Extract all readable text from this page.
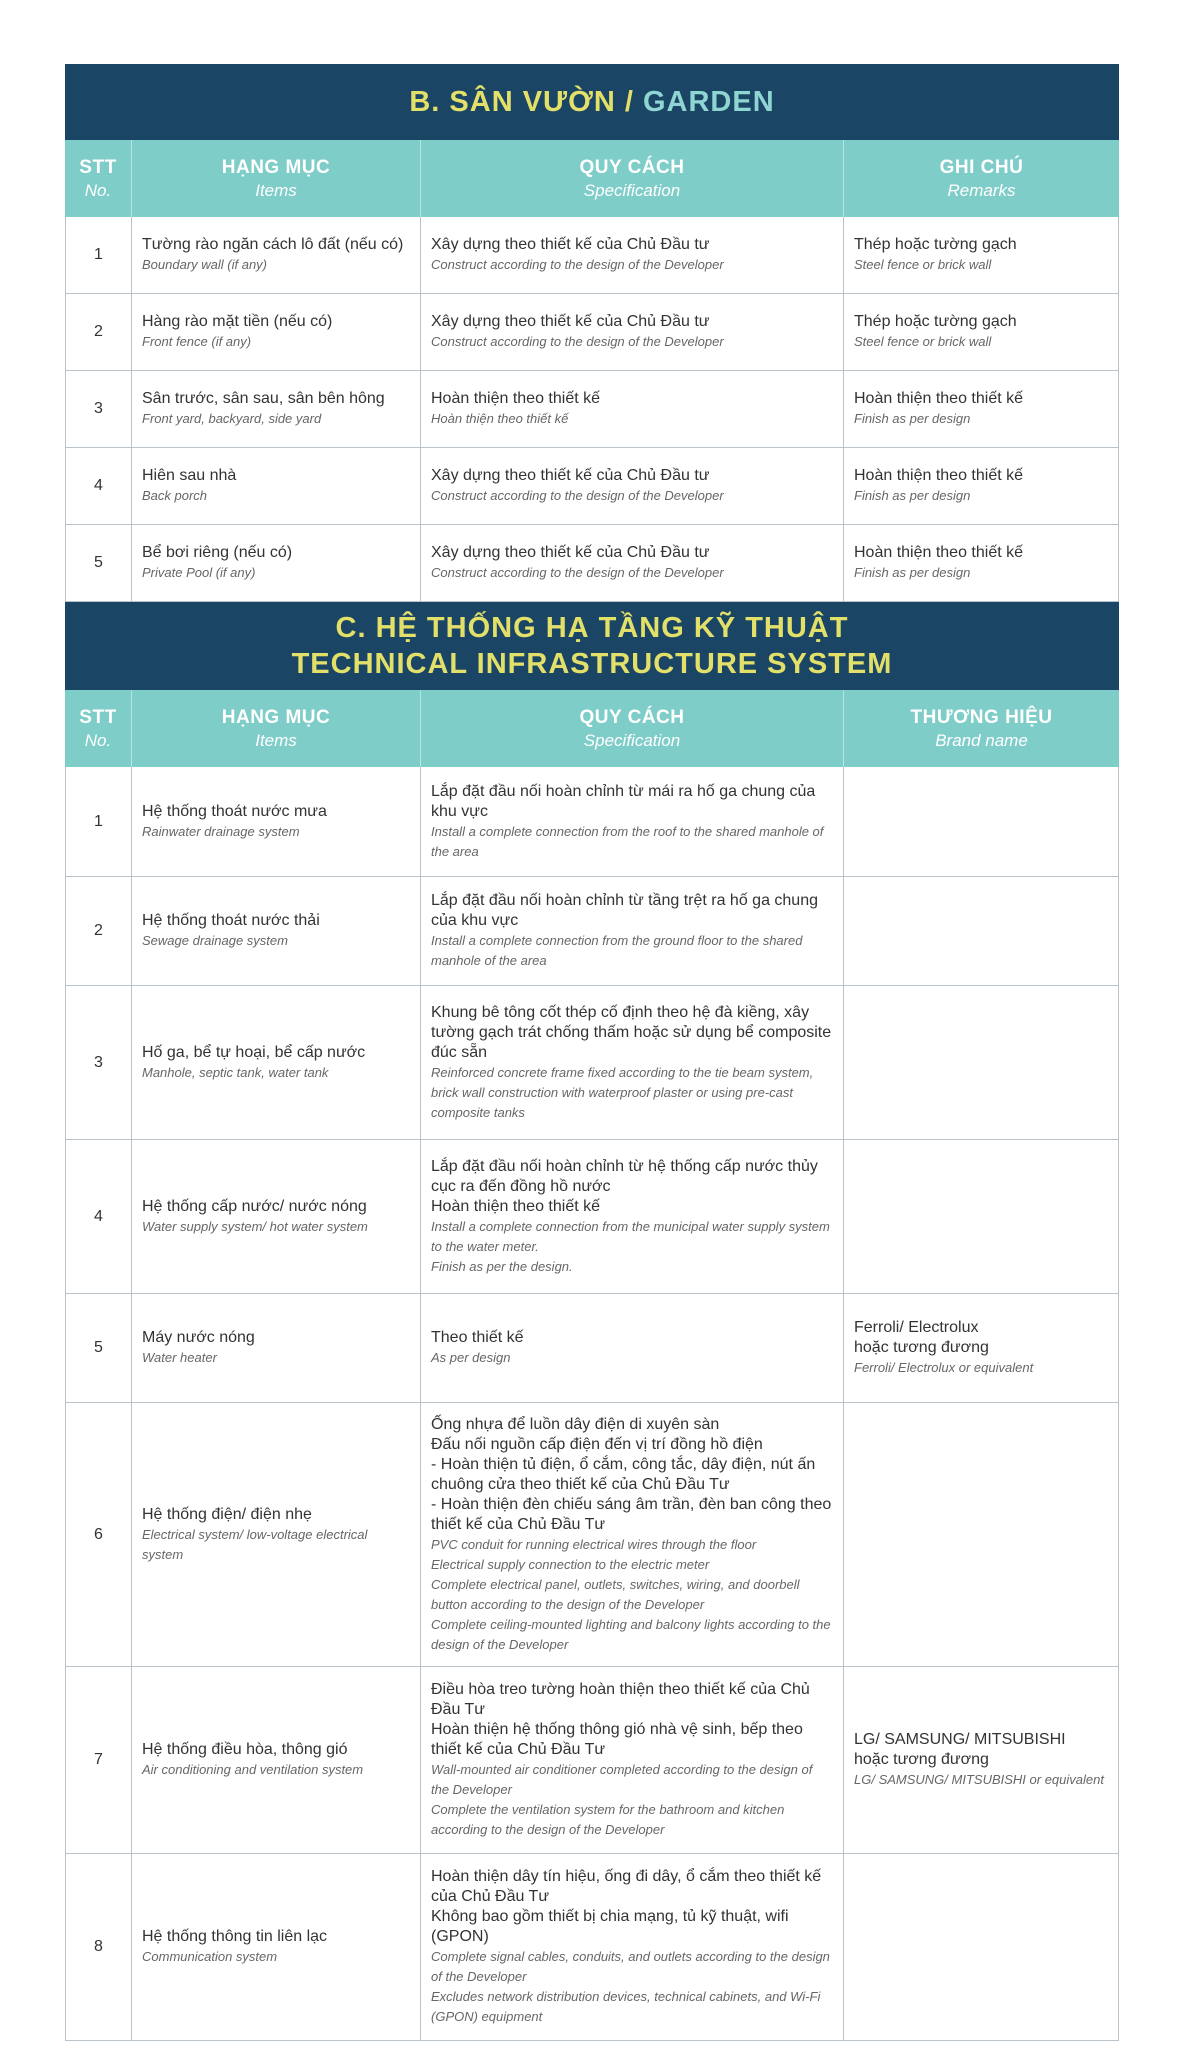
B. SÂN VƯỜN / GARDEN
STT
No.
HẠNG MỤC
Items
QUY CÁCH
Specification
GHI CHÚ
Remarks
1
Tường rào ngăn cách lô đất (nếu có)
Boundary wall (if any)
Xây dựng theo thiết kế của Chủ Đầu tư
Construct according to the design of the Developer
Thép hoặc tường gạch
Steel fence or brick wall
2
Hàng rào mặt tiền (nếu có)
Front fence (if any)
Xây dựng theo thiết kế của Chủ Đầu tư
Construct according to the design of the Developer
Thép hoặc tường gạch
Steel fence or brick wall
3
Sân trước, sân sau, sân bên hông
Front yard, backyard, side yard
Hoàn thiện theo thiết kế
Hoàn thiện theo thiết kế
Hoàn thiện theo thiết kế
Finish as per design
4
Hiên sau nhà
Back porch
Xây dựng theo thiết kế của Chủ Đầu tư
Construct according to the design of the Developer
Hoàn thiện theo thiết kế
Finish as per design
5
Bể bơi riêng (nếu có)
Private Pool (if any)
Xây dựng theo thiết kế của Chủ Đầu tư
Construct according to the design of the Developer
Hoàn thiện theo thiết kế
Finish as per design
C. HỆ THỐNG HẠ TẦNG KỸ THUẬT
TECHNICAL INFRASTRUCTURE SYSTEM
STT
No.
HẠNG MỤC
Items
QUY CÁCH
Specification
THƯƠNG HIỆU
Brand name
1
Hệ thống thoát nước mưa
Rainwater drainage system
Lắp đặt đầu nối hoàn chỉnh từ mái ra hố ga chung của khu vực
Install a complete connection from the roof to the shared manhole of the area
2
Hệ thống thoát nước thải
Sewage drainage system
Lắp đặt đầu nối hoàn chỉnh từ tầng trệt ra hố ga chung của khu vực
Install a complete connection from the ground floor to the shared manhole of the area
3
Hố ga, bể tự hoại, bể cấp nước
Manhole, septic tank, water tank
Khung bê tông cốt thép cố định theo hệ đà kiềng, xây tường gạch trát chống thấm hoặc sử dụng bể composite đúc sẵn
Reinforced concrete frame fixed according to the tie beam system, brick wall construction with waterproof plaster or using pre-cast composite tanks
4
Hệ thống cấp nước/ nước nóng
Water supply system/ hot water system
Lắp đặt đầu nối hoàn chỉnh từ hệ thống cấp nước thủy cục ra đến đồng hồ nước
Hoàn thiện theo thiết kế
Install a complete connection from the municipal water supply system to the water meter.
Finish as per the design.
5
Máy nước nóng
Water heater
Theo thiết kế
As per design
Ferroli/ Electrolux
hoặc tương đương
Ferroli/ Electrolux or equivalent
6
Hệ thống điện/ điện nhẹ
Electrical system/ low-voltage electrical system
Ống nhựa để luồn dây điện di xuyên sàn
Đấu nối nguồn cấp điện đến vị trí đồng hồ điện
- Hoàn thiện tủ điện, ổ cắm, công tắc, dây điện, nút ấn chuông cửa theo thiết kế của Chủ Đầu Tư
- Hoàn thiện đèn chiếu sáng âm trần, đèn ban công theo thiết kế của Chủ Đầu Tư
PVC conduit for running electrical wires through the floor
Electrical supply connection to the electric meter
Complete electrical panel, outlets, switches, wiring, and doorbell button according to the design of the Developer
Complete ceiling-mounted lighting and balcony lights according to the design of the Developer
7
Hệ thống điều hòa, thông gió
Air conditioning and ventilation system
Điều hòa treo tường hoàn thiện theo thiết kế của Chủ Đầu Tư
Hoàn thiện hệ thống thông gió nhà vệ sinh, bếp theo thiết kế của Chủ Đầu Tư
Wall-mounted air conditioner completed according to the design of the Developer
Complete the ventilation system for the bathroom and kitchen according to the design of the Developer
LG/ SAMSUNG/ MITSUBISHI
hoặc tương đương
LG/ SAMSUNG/ MITSUBISHI or equivalent
8
Hệ thống thông tin liên lạc
Communication system
Hoàn thiện dây tín hiệu, ống đi dây, ổ cắm theo thiết kế của Chủ Đầu Tư
Không bao gồm thiết bị chia mạng, tủ kỹ thuật, wifi (GPON)
Complete signal cables, conduits, and outlets according to the design of the Developer
Excludes network distribution devices, technical cabinets, and Wi-Fi (GPON) equipment
